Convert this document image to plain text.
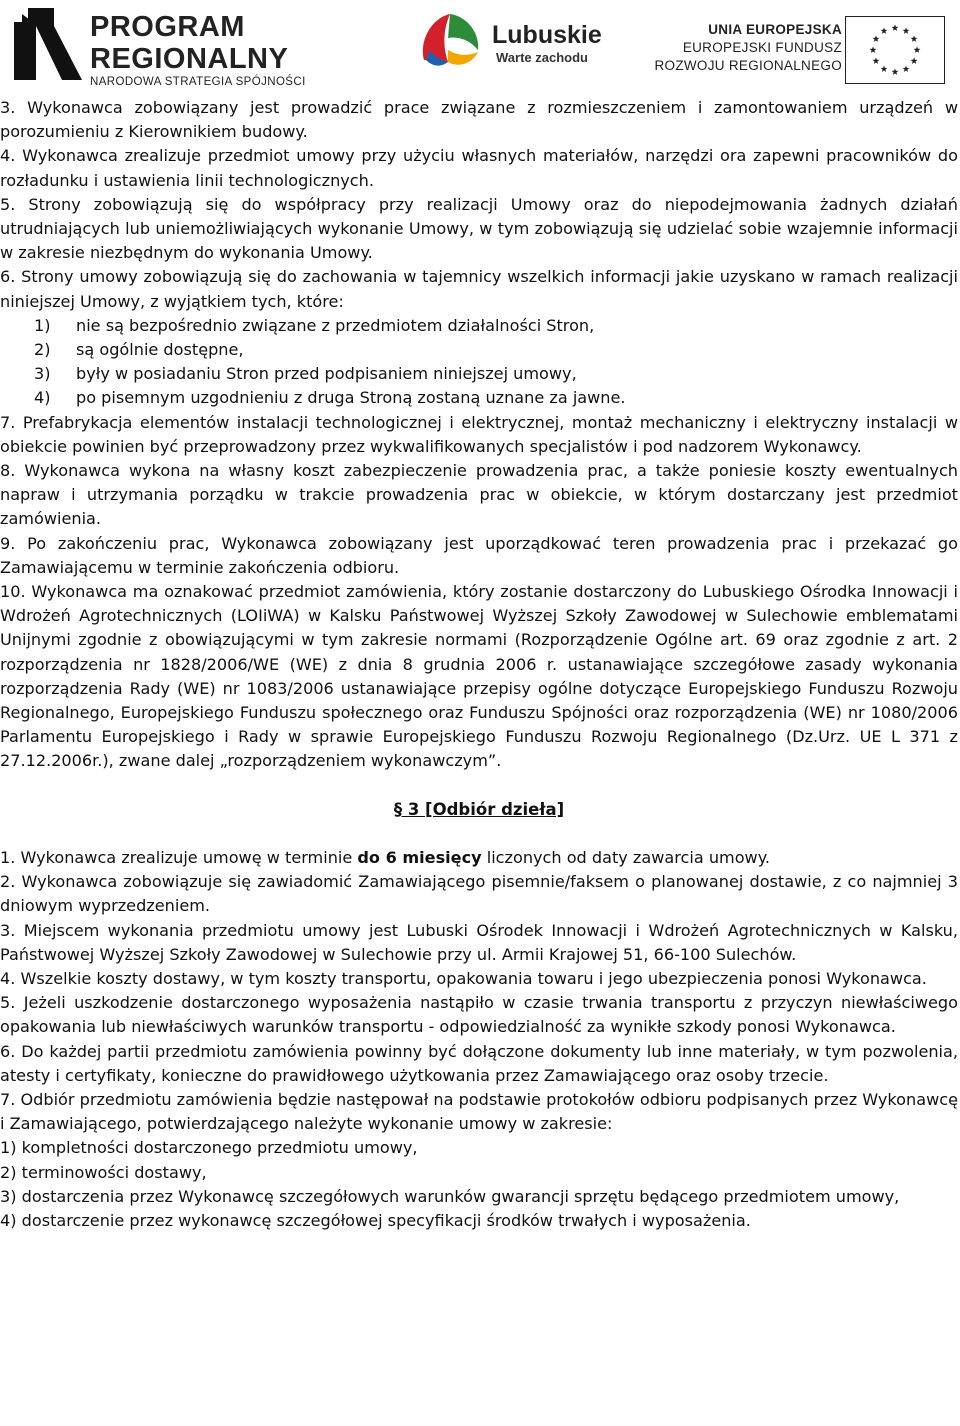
PROGRAM
REGIONALNY
NARODOWA STRATEGIA SPÓJNOŚCI
Lubuskie
Warte zachodu
UNIA EUROPEJSKA
EUROPEJSKI FUNDUSZ
ROZWOJU REGIONALNEGO

3. Wykonawca zobowiązany jest prowadzić prace związane z rozmieszczeniem i zamontowaniem urządzeń w porozumieniu z Kierownikiem budowy.

4. Wykonawca zrealizuje przedmiot umowy przy użyciu własnych materiałów, narzędzi ora zapewni pracowników do rozładunku i ustawienia linii technologicznych.

5. Strony zobowiązują się do współpracy przy realizacji Umowy oraz do niepodejmowania żadnych działań utrudniających lub uniemożliwiających wykonanie Umowy, w tym zobowiązują się udzielać sobie wzajemnie informacji w zakresie niezbędnym do wykonania Umowy.

6. Strony umowy zobowiązują się do zachowania w tajemnicy wszelkich informacji jakie uzyskano w ramach realizacji niniejszej Umowy, z wyjątkiem tych, które:

1)	nie są bezpośrednio związane z przedmiotem działalności Stron,
2)	są ogólnie dostępne,
3)	były w posiadaniu Stron przed podpisaniem niniejszej umowy,
4)	po pisemnym uzgodnieniu z druga Stroną zostaną uznane za jawne.

7. Prefabrykacja elementów instalacji technologicznej i elektrycznej, montaż mechaniczny i elektryczny instalacji w obiekcie powinien być przeprowadzony przez wykwalifikowanych specjalistów i pod nadzorem Wykonawcy.

8. Wykonawca wykona na własny koszt zabezpieczenie prowadzenia prac, a także poniesie koszty ewentualnych napraw i utrzymania porządku w trakcie prowadzenia prac w obiekcie, w którym dostarczany jest przedmiot zamówienia.

9. Po zakończeniu prac, Wykonawca zobowiązany jest uporządkować teren prowadzenia prac i przekazać go Zamawiającemu w terminie zakończenia odbioru.

10. Wykonawca ma oznakować przedmiot zamówienia, który zostanie dostarczony do Lubuskiego Ośrodka Innowacji i Wdrożeń Agrotechnicznych (LOIiWA) w Kalsku Państwowej Wyższej Szkoły Zawodowej w Sulechowie emblematami Unijnymi zgodnie z obowiązującymi w tym zakresie normami (Rozporządzenie Ogólne art. 69 oraz zgodnie z art. 2 rozporządzenia nr 1828/2006/WE (WE) z dnia 8 grudnia 2006 r. ustanawiające szczegółowe zasady wykonania rozporządzenia Rady (WE) nr 1083/2006 ustanawiające przepisy ogólne dotyczące Europejskiego Funduszu Rozwoju Regionalnego, Europejskiego Funduszu społecznego oraz Funduszu Spójności oraz rozporządzenia (WE) nr 1080/2006 Parlamentu Europejskiego i Rady w sprawie Europejskiego Funduszu Rozwoju Regionalnego (Dz.Urz. UE L 371 z 27.12.2006r.), zwane dalej „rozporządzeniem wykonawczym”.

§ 3 [Odbiór dzieła]

1. Wykonawca zrealizuje umowę w terminie do 6 miesięcy liczonych od daty zawarcia umowy.

2. Wykonawca zobowiązuje się zawiadomić Zamawiającego pisemnie/faksem o planowanej dostawie, z co najmniej 3 dniowym wyprzedzeniem.

3. Miejscem wykonania przedmiotu umowy jest Lubuski Ośrodek Innowacji i Wdrożeń Agrotechnicznych w Kalsku, Państwowej Wyższej Szkoły Zawodowej w Sulechowie przy ul. Armii Krajowej 51, 66-100 Sulechów.

4. Wszelkie koszty dostawy, w tym koszty transportu, opakowania towaru i jego ubezpieczenia ponosi Wykonawca.

5. Jeżeli uszkodzenie dostarczonego wyposażenia nastąpiło w czasie trwania transportu z przyczyn niewłaściwego opakowania lub niewłaściwych warunków transportu - odpowiedzialność za wynikłe szkody ponosi Wykonawca.

6. Do każdej partii przedmiotu zamówienia powinny być dołączone dokumenty lub inne materiały, w tym pozwolenia, atesty i certyfikaty, konieczne do prawidłowego użytkowania przez Zamawiającego oraz osoby trzecie.

7. Odbiór przedmiotu zamówienia będzie następował na podstawie protokołów odbioru podpisanych przez Wykonawcę i Zamawiającego, potwierdzającego należyte wykonanie umowy w zakresie:

1) kompletności dostarczonego przedmiotu umowy,

2) terminowości dostawy,

3) dostarczenia przez Wykonawcę szczegółowych warunków gwarancji sprzętu będącego przedmiotem umowy,

4) dostarczenie przez wykonawcę szczegółowej specyfikacji środków trwałych i wyposażenia.
